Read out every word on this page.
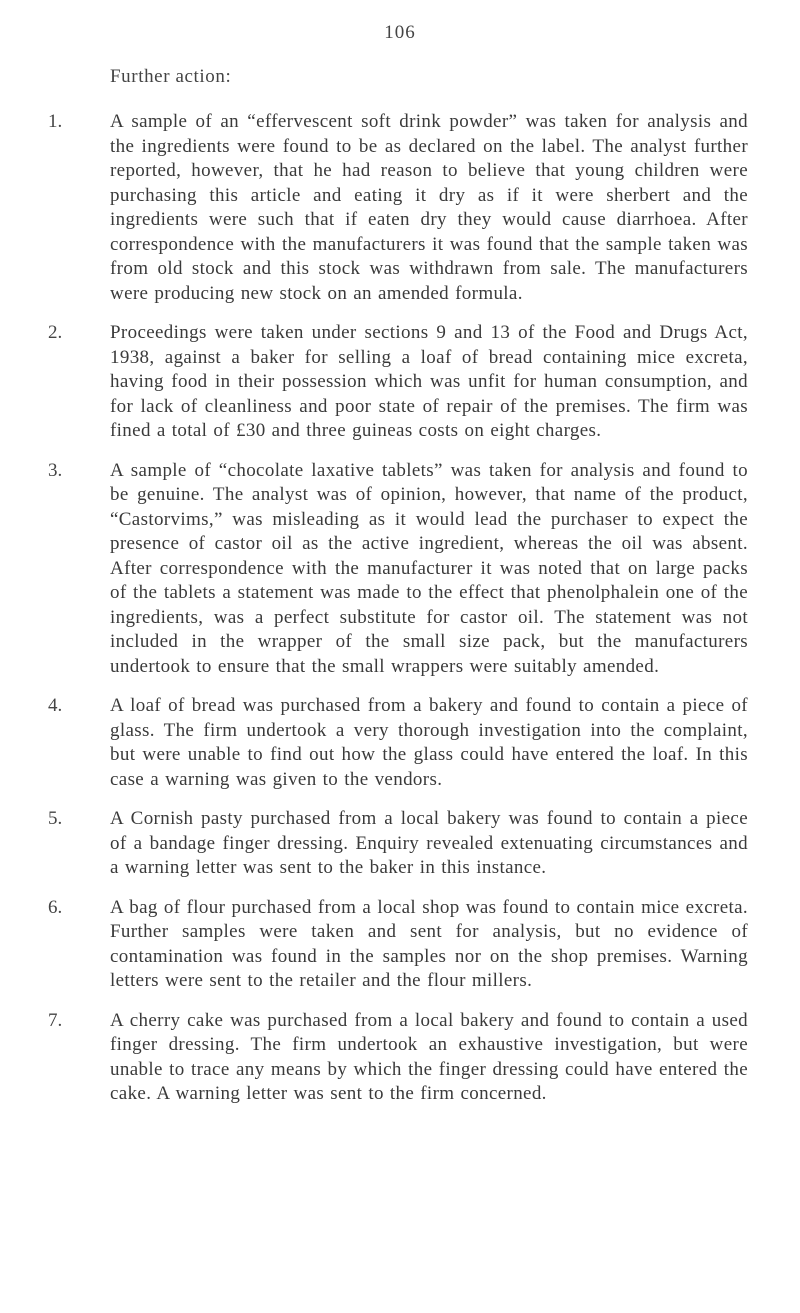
106
Further action:
1.	A sample of an “effervescent soft drink powder” was taken for analysis and the ingredients were found to be as declared on the label. The analyst further reported, however, that he had reason to believe that young children were purchasing this article and eating it dry as if it were sherbert and the ingredients were such that if eaten dry they would cause diarrhoea. After correspondence with the manufacturers it was found that the sample taken was from old stock and this stock was withdrawn from sale. The manufacturers were producing new stock on an amended formula.
2.	Proceedings were taken under sections 9 and 13 of the Food and Drugs Act, 1938, against a baker for selling a loaf of bread containing mice excreta, having food in their possession which was unfit for human consumption, and for lack of cleanliness and poor state of repair of the premises. The firm was fined a total of £30 and three guineas costs on eight charges.
3.	A sample of “chocolate laxative tablets” was taken for analysis and found to be genuine. The analyst was of opinion, however, that name of the product, “Castorvims,” was misleading as it would lead the purchaser to expect the presence of castor oil as the active ingredient, whereas the oil was absent. After correspondence with the manufacturer it was noted that on large packs of the tablets a statement was made to the effect that phenolphalein one of the ingredients, was a perfect substitute for castor oil. The statement was not included in the wrapper of the small size pack, but the manufacturers undertook to ensure that the small wrappers were suitably amended.
4.	A loaf of bread was purchased from a bakery and found to contain a piece of glass. The firm undertook a very thorough investigation into the complaint, but were unable to find out how the glass could have entered the loaf. In this case a warning was given to the vendors.
5.	A Cornish pasty purchased from a local bakery was found to contain a piece of a bandage finger dressing. Enquiry revealed extenuating circumstances and a warning letter was sent to the baker in this instance.
6.	A bag of flour purchased from a local shop was found to contain mice excreta. Further samples were taken and sent for analysis, but no evidence of contamination was found in the samples nor on the shop premises. Warning letters were sent to the retailer and the flour millers.
7.	A cherry cake was purchased from a local bakery and found to contain a used finger dressing. The firm undertook an exhaustive investigation, but were unable to trace any means by which the finger dressing could have entered the cake. A warning letter was sent to the firm concerned.
